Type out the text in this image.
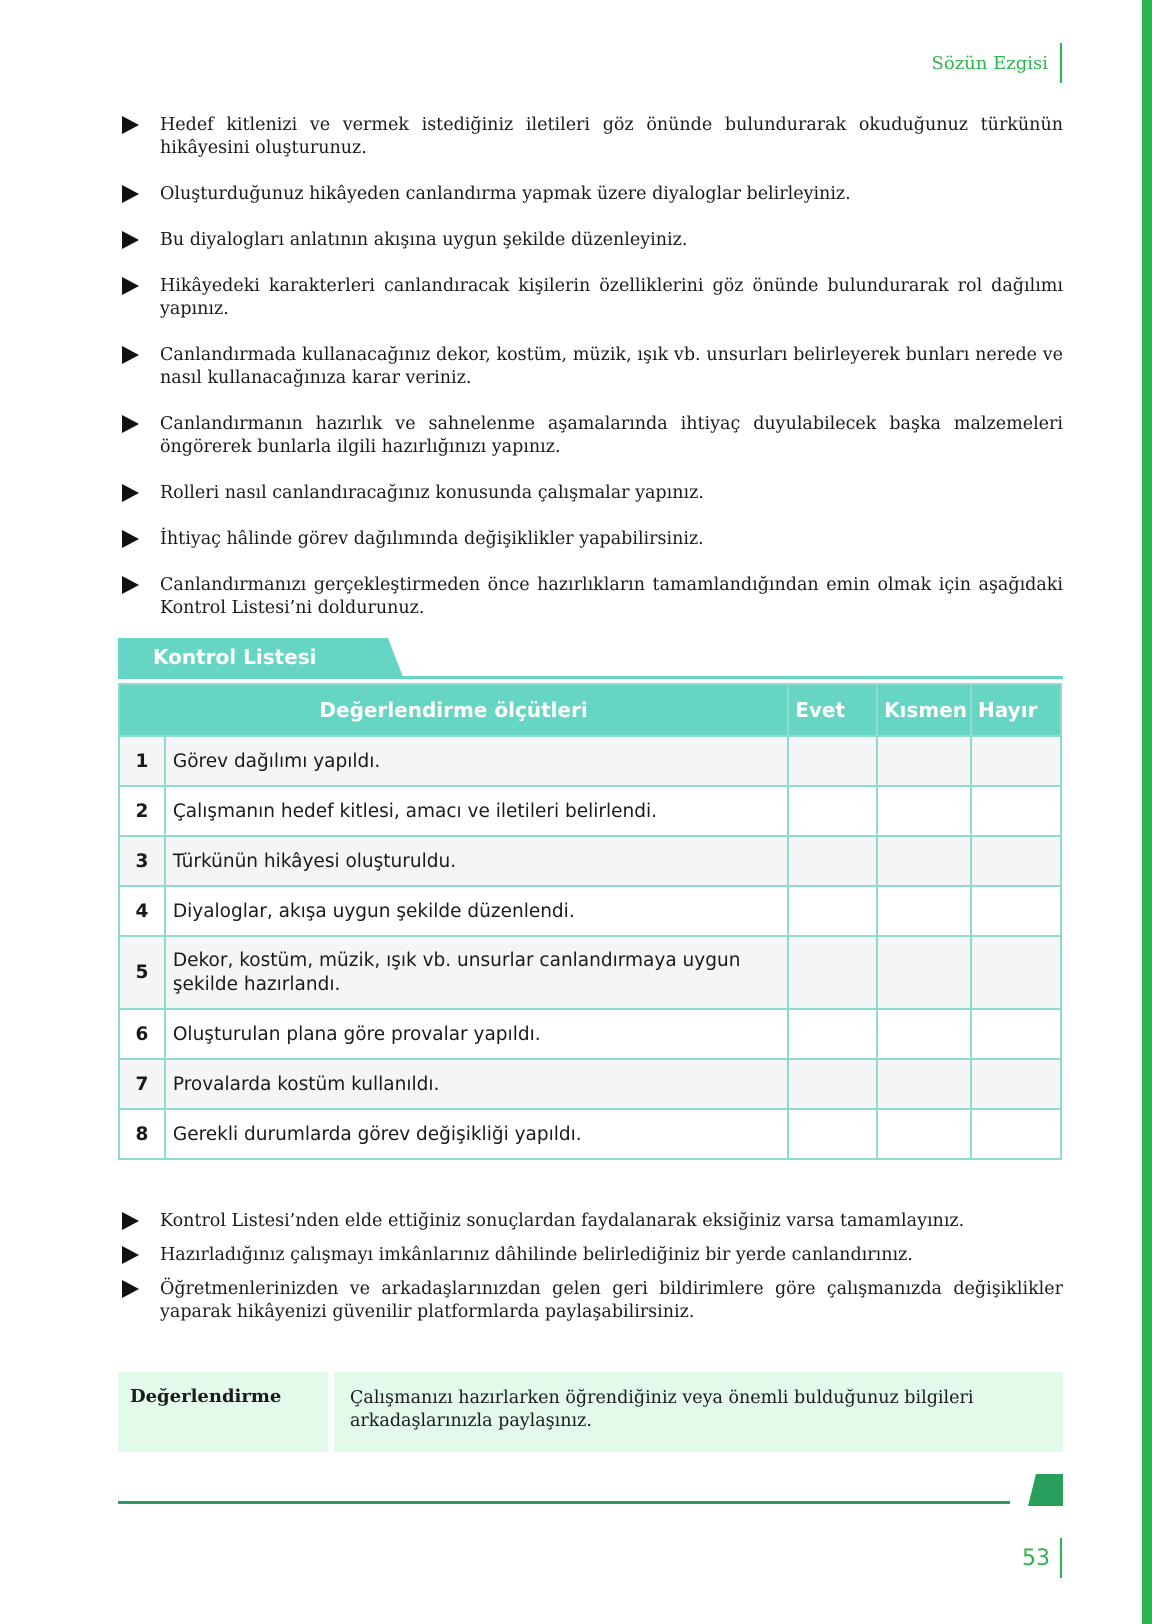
Sözün Ezgisi
Hedef kitlenizi ve vermek istediğiniz iletileri göz önünde bulundurarak okuduğunuz türkünün hikâyesini oluşturunuz.
Oluşturduğunuz hikâyeden canlandırma yapmak üzere diyaloglar belirleyiniz.
Bu diyalogları anlatının akışına uygun şekilde düzenleyiniz.
Hikâyedeki karakterleri canlandıracak kişilerin özelliklerini göz önünde bulundurarak rol dağılımı yapınız.
Canlandırmada kullanacağınız dekor, kostüm, müzik, ışık vb. unsurları belirleyerek bunları nerede ve nasıl kullanacağınıza karar veriniz.
Canlandırmanın hazırlık ve sahnelenme aşamalarında ihtiyaç duyulabilecek başka malzemeleri öngörerek bunlarla ilgili hazırlığınızı yapınız.
Rolleri nasıl canlandıracağınız konusunda çalışmalar yapınız.
İhtiyaç hâlinde görev dağılımında değişiklikler yapabilirsiniz.
Canlandırmanızı gerçekleştirmeden önce hazırlıkların tamamlandığından emin olmak için aşağıdaki Kontrol Listesi’ni doldurunuz.
Kontrol Listesi
Değerlendirme ölçütleri		Evet	Kısmen	Hayır
1	Görev dağılımı yapıldı.			
2	Çalışmanın hedef kitlesi, amacı ve iletileri belirlendi.			
3	Türkünün hikâyesi oluşturuldu.			
4	Diyaloglar, akışa uygun şekilde düzenlendi.			
5	Dekor, kostüm, müzik, ışık vb. unsurlar canlandırmaya uygun şekilde hazırlandı.			
6	Oluşturulan plana göre provalar yapıldı.			
7	Provalarda kostüm kullanıldı.			
8	Gerekli durumlarda görev değişikliği yapıldı.			
Kontrol Listesi’nden elde ettiğiniz sonuçlardan faydalanarak eksiğiniz varsa tamamlayınız.
Hazırladığınız çalışmayı imkânlarınız dâhilinde belirlediğiniz bir yerde canlandırınız.
Öğretmenlerinizden ve arkadaşlarınızdan gelen geri bildirimlere göre çalışmanızda değişiklikler yaparak hikâyenizi güvenilir platformlarda paylaşabilirsiniz.
Değerlendirme	Çalışmanızı hazırlarken öğrendiğiniz veya önemli bulduğunuz bilgileri arkadaşlarınızla paylaşınız.
53
